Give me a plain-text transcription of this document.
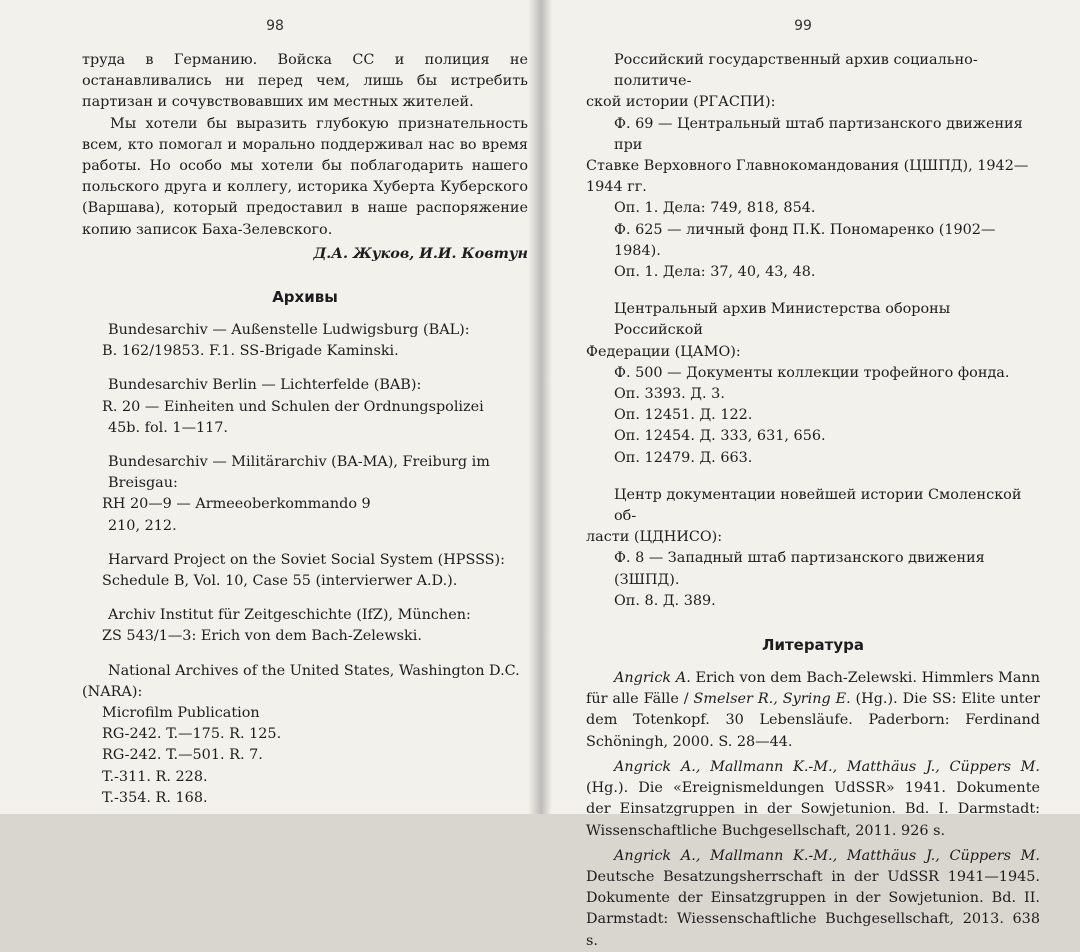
98

труда в Германию. Войска СС и полиция не останавливались ни перед чем, лишь бы истребить партизан и сочувствовавших им местных жителей.

Мы хотели бы выразить глубокую признательность всем, кто помогал и морально поддерживал нас во время работы. Но особо мы хотели бы поблагодарить нашего польского друга и коллегу, историка Хуберта Куберского (Варшава), который предоставил в наше распоряжение копию записок Баха-Зелевского.

Д.А. Жуков, И.И. Ковтун

Архивы
Bundesarchiv — Außenstelle Ludwigsburg (BAL):
B. 162/19853. F.1. SS-Brigade Kaminski.
Bundesarchiv Berlin — Lichterfelde (BAB):
R. 20 — Einheiten und Schulen der Ordnungspolizei
45b. fol. 1—117.
Bundesarchiv — Militärarchiv (BA-MA), Freiburg im Breisgau:
RH 20—9 — Armeeoberkommando 9
210, 212.
Harvard Project on the Soviet Social System (HPSSS):
Schedule B, Vol. 10, Case 55 (intervierwer A.D.).
Archiv Institut für Zeitgeschichte (IfZ), München:
ZS 543/1—3: Erich von dem Bach-Zelewski.
National Archives of the United States, Washington D.C.
(NARA):
Microfilm Publication
RG-242. T.—175. R. 125.
RG-242. T.—501. R. 7.
T.-311. R. 228.
T.-354. R. 168.
99
Российский государственный архив социально-политиче-
ской истории (РГАСПИ):
Ф. 69 — Центральный штаб партизанского движения при
Ставке Верховного Главнокомандования (ЦШПД), 1942—
1944 гг.
Оп. 1. Дела: 749, 818, 854.
Ф. 625 — личный фонд П.К. Пономаренко (1902—1984).
Оп. 1. Дела: 37, 40, 43, 48.
Центральный архив Министерства обороны Российской
Федерации (ЦАМО):
Ф. 500 — Документы коллекции трофейного фонда.
Оп. 3393. Д. 3.
Оп. 12451. Д. 122.
Оп. 12454. Д. 333, 631, 656.
Оп. 12479. Д. 663.
Центр документации новейшей истории Смоленской об-
ласти (ЦДНИСО):
Ф. 8 — Западный штаб партизанского движения (ЗШПД).
Оп. 8. Д. 389.
Литература

Angrick A. Erich von dem Bach-Zelewski. Himmlers Mann für alle Fälle / Smelser R., Syring E. (Hg.). Die SS: Elite unter dem Totenkopf. 30 Lebensläufe. Paderborn: Ferdinand Schöningh, 2000. S. 28—44.

Angrick A., Mallmann K.-M., Matthäus J., Cüppers M. (Hg.). Die «Ereignismeldungen UdSSR» 1941. Dokumente der Einsatzgruppen in der Sowjetunion. Bd. I. Darmstadt: Wissenschaftliche Buchgesellschaft, 2011. 926 s.

Angrick A., Mallmann K.-M., Matthäus J., Cüppers M. Deutsche Besatzungsherrschaft in der UdSSR 1941—1945. Dokumente der Einsatzgruppen in der Sowjetunion. Bd. II. Darmstadt: Wiessenschaftliche Buchgesellschaft, 2013. 638 s.
